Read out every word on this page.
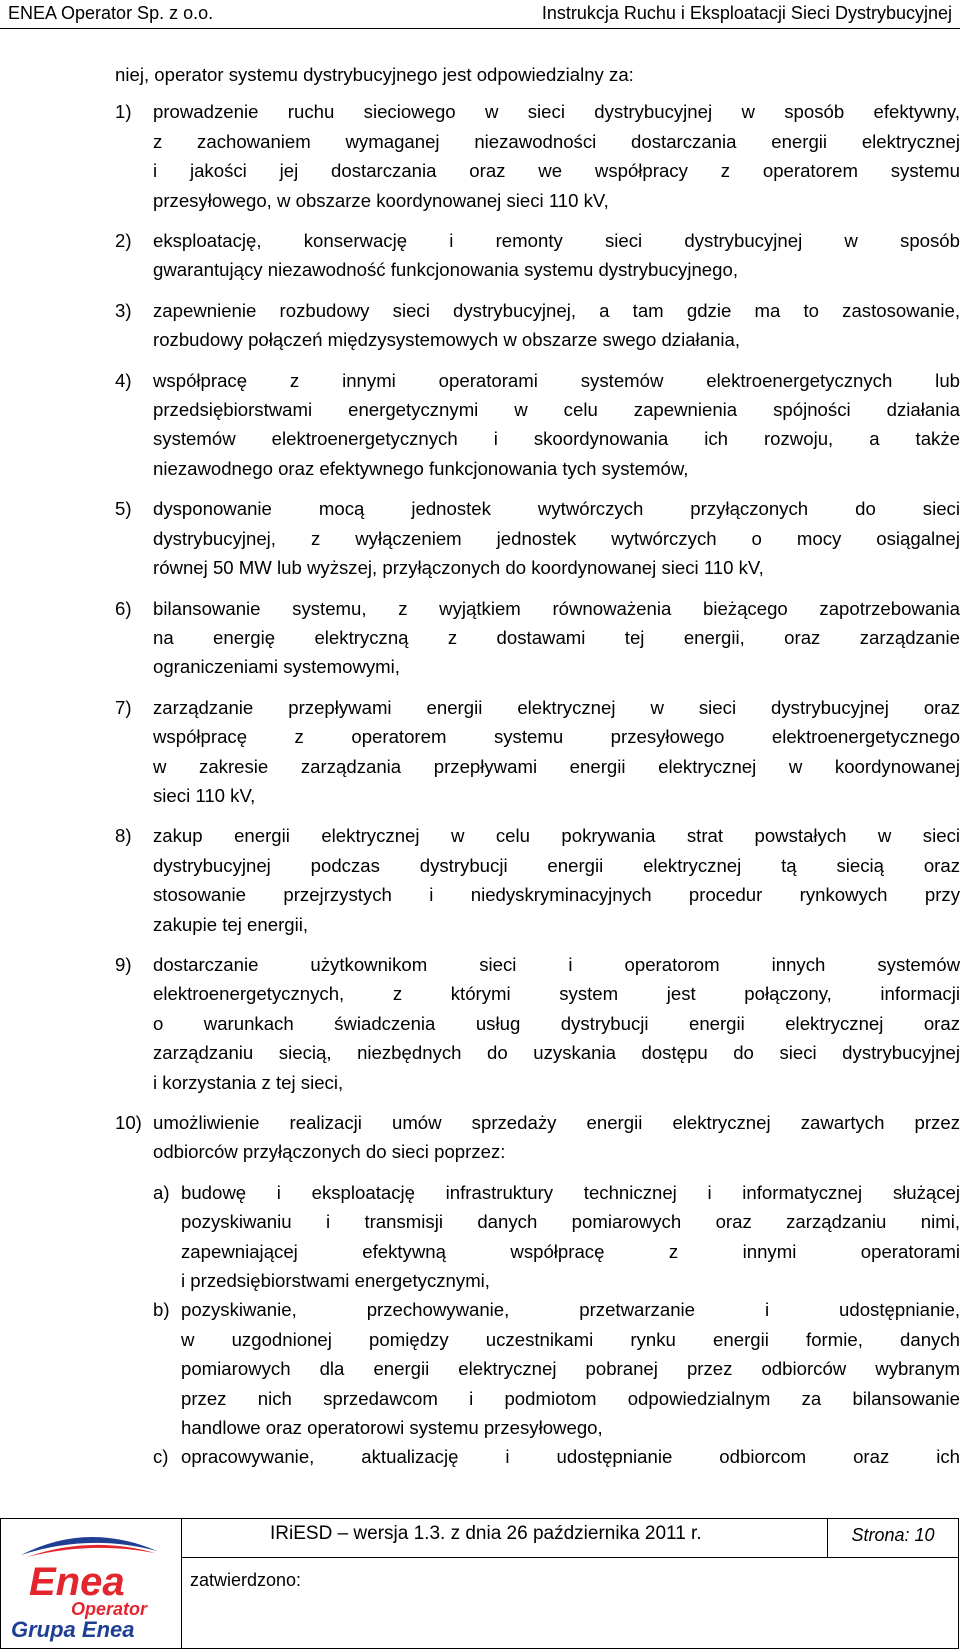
ENEA Operator Sp. z o.o.	Instrukcja Ruchu i Eksploatacji Sieci Dystrybucyjnej
niej, operator systemu dystrybucyjnego jest odpowiedzialny za:
1) prowadzenie ruchu sieciowego w sieci dystrybucyjnej w sposób efektywny,
z zachowaniem wymaganej niezawodności dostarczania energii elektrycznej
i jakości jej dostarczania oraz we współpracy z operatorem systemu
przesyłowego, w obszarze koordynowanej sieci 110 kV,
2) eksploatację, konserwację i remonty sieci dystrybucyjnej w sposób
gwarantujący niezawodność funkcjonowania systemu dystrybucyjnego,
3) zapewnienie rozbudowy sieci dystrybucyjnej, a tam gdzie ma to zastosowanie,
rozbudowy połączeń międzysystemowych w obszarze swego działania,
4) współpracę z innymi operatorami systemów elektroenergetycznych lub
przedsiębiorstwami energetycznymi w celu zapewnienia spójności działania
systemów elektroenergetycznych i skoordynowania ich rozwoju, a także
niezawodnego oraz efektywnego funkcjonowania tych systemów,
5) dysponowanie mocą jednostek wytwórczych przyłączonych do sieci
dystrybucyjnej, z wyłączeniem jednostek wytwórczych o mocy osiągalnej
równej 50 MW lub wyższej, przyłączonych do koordynowanej sieci 110 kV,
6) bilansowanie systemu, z wyjątkiem równoważenia bieżącego zapotrzebowania
na energię elektryczną z dostawami tej energii, oraz zarządzanie
ograniczeniami systemowymi,
7) zarządzanie przepływami energii elektrycznej w sieci dystrybucyjnej oraz
współpracę z operatorem systemu przesyłowego elektroenergetycznego
w zakresie zarządzania przepływami energii elektrycznej w koordynowanej
sieci 110 kV,
8) zakup energii elektrycznej w celu pokrywania strat powstałych w sieci
dystrybucyjnej podczas dystrybucji energii elektrycznej tą siecią oraz
stosowanie przejrzystych i niedyskryminacyjnych procedur rynkowych przy
zakupie tej energii,
9) dostarczanie użytkownikom sieci i operatorom innych systemów
elektroenergetycznych, z którymi system jest połączony, informacji
o warunkach świadczenia usług dystrybucji energii elektrycznej oraz
zarządzaniu siecią, niezbędnych do uzyskania dostępu do sieci dystrybucyjnej
i korzystania z tej sieci,
10) umożliwienie realizacji umów sprzedaży energii elektrycznej zawartych przez
odbiorców przyłączonych do sieci poprzez:
a) budowę i eksploatację infrastruktury technicznej i informatycznej służącej
pozyskiwaniu i transmisji danych pomiarowych oraz zarządzaniu nimi,
zapewniającej efektywną współpracę z innymi operatorami
i przedsiębiorstwami energetycznymi,
b) pozyskiwanie, przechowywanie, przetwarzanie i udostępnianie,
w uzgodnionej pomiędzy uczestnikami rynku energii formie, danych
pomiarowych dla energii elektrycznej pobranej przez odbiorców wybranym
przez nich sprzedawcom i podmiotom odpowiedzialnym za bilansowanie
handlowe oraz operatorowi systemu przesyłowego,
c) opracowywanie, aktualizację i udostępnianie odbiorcom oraz ich
Enea
Operator
Grupa Enea
	IRiESD – wersja 1.3. z dnia 26 października 2011 r.	Strona: 10
zatwierdzono:
